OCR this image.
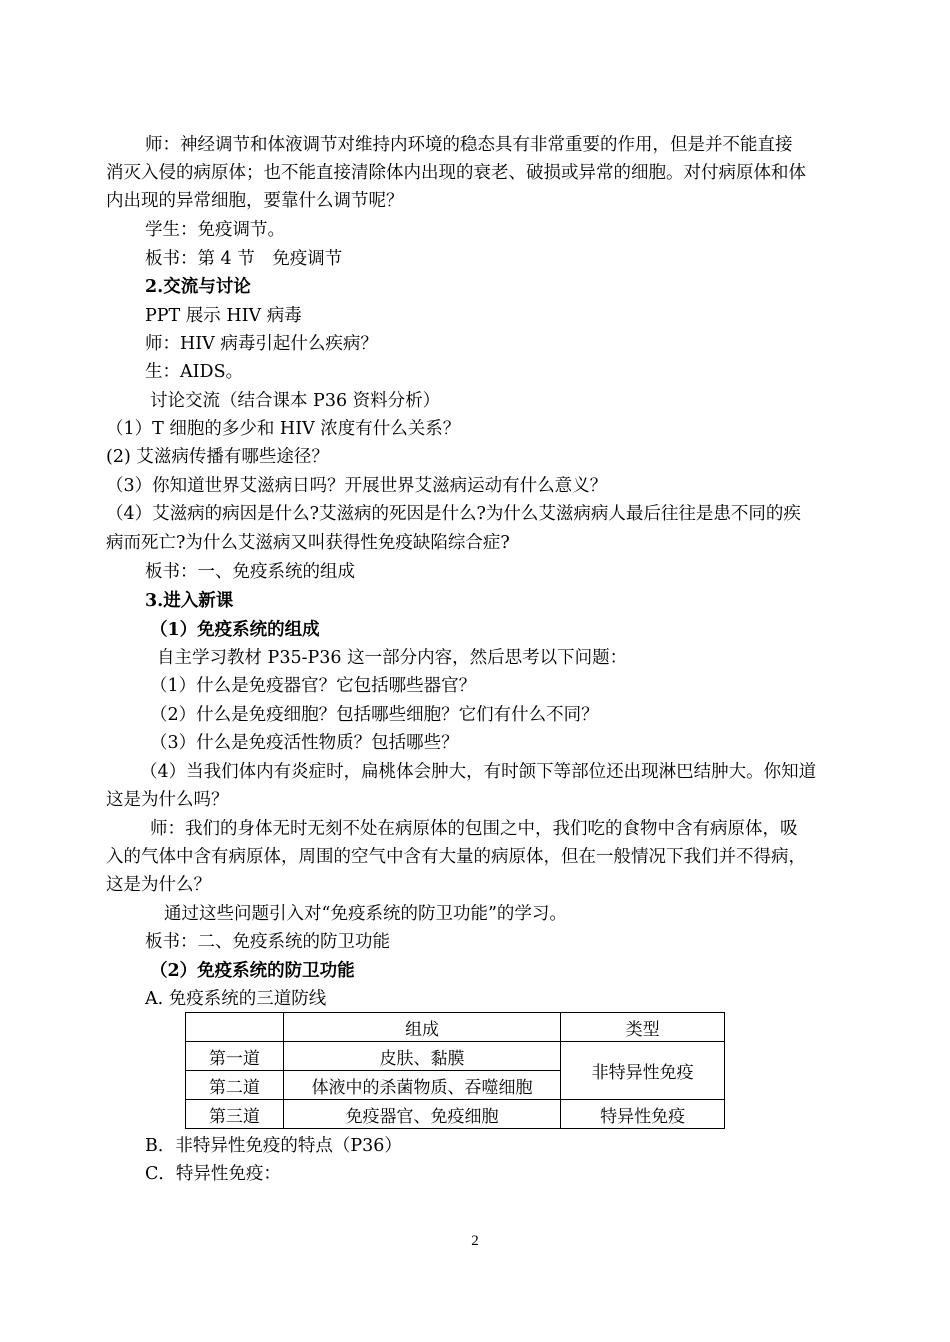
师：神经调节和体液调节对维持内环境的稳态具有非常重要的作用，但是并不能直接
消灭入侵的病原体；也不能直接清除体内出现的衰老、破损或异常的细胞。对付病原体和体
内出现的异常细胞，要靠什么调节呢？
学生：免疫调节。
板书：第 4 节　免疫调节
2.交流与讨论
PPT 展示 HIV 病毒
师：HIV 病毒引起什么疾病？
生：AIDS。
讨论交流（结合课本 P36 资料分析）
（1）T 细胞的多少和 HIV 浓度有什么关系？
(2) 艾滋病传播有哪些途径？
（3）你知道世界艾滋病日吗？开展世界艾滋病运动有什么意义？
（4）艾滋病的病因是什么?艾滋病的死因是什么?为什么艾滋病病人最后往往是患不同的疾
病而死亡?为什么艾滋病又叫获得性免疫缺陷综合症?
板书：一、免疫系统的组成
3.进入新课
（1）免疫系统的组成
自主学习教材 P35-P36 这一部分内容，然后思考以下问题：
（1）什么是免疫器官？它包括哪些器官？
（2）什么是免疫细胞？包括哪些细胞？它们有什么不同？
（3）什么是免疫活性物质？包括哪些？
（4）当我们体内有炎症时，扁桃体会肿大，有时颌下等部位还出现淋巴结肿大。你知道
这是为什么吗？
师：我们的身体无时无刻不处在病原体的包围之中，我们吃的食物中含有病原体，吸
入的气体中含有病原体，周围的空气中含有大量的病原体，但在一般情况下我们并不得病，
这是为什么？
通过这些问题引入对“免疫系统的防卫功能”的学习。
板书：二、免疫系统的防卫功能
（2）免疫系统的防卫功能
A. 免疫系统的三道防线
	组成	类型
第一道	皮肤、黏膜	非特异性免疫
第二道	体液中的杀菌物质、吞噬细胞	
第三道	免疫器官、免疫细胞	特异性免疫
B．非特异性免疫的特点（P36）
C．特异性免疫：
2
